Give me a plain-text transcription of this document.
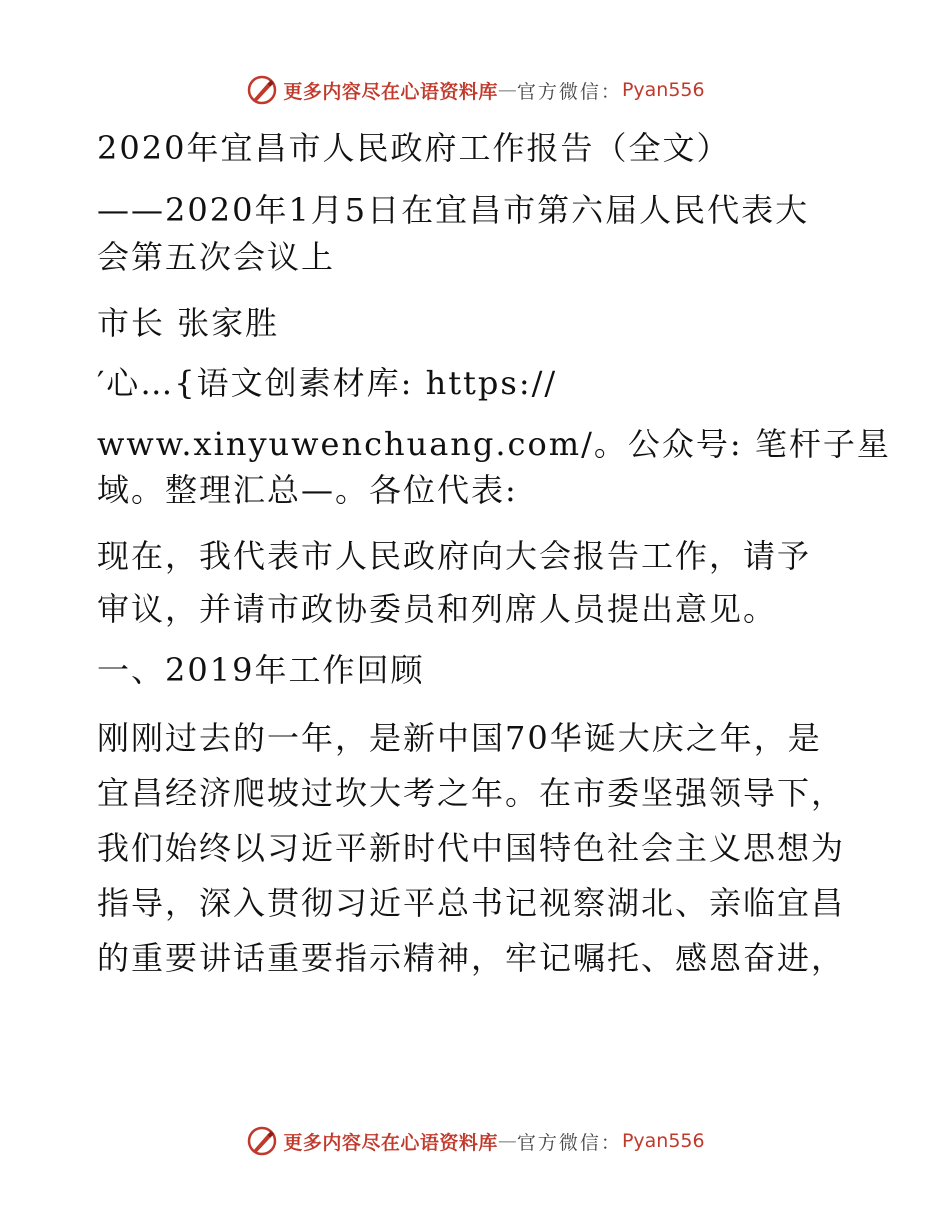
更多内容尽在心语资料库 — 官方微信： Pyan556
2020年宜昌市人民政府工作报告（全文）
——2020年1月5日在宜昌市第六届人民代表大
会第五次会议上
市长 张家胜
′心…{语文创素材库: https://
www.xinyuwenchuang.com/。公众号: 笔杆子星
域。整理汇总—。各位代表:
现在，我代表市人民政府向大会报告工作，请予
审议，并请市政协委员和列席人员提出意见。
一、2019年工作回顾
刚刚过去的一年，是新中国70华诞大庆之年，是
宜昌经济爬坡过坎大考之年。在市委坚强领导下，
我们始终以习近平新时代中国特色社会主义思想为
指导，深入贯彻习近平总书记视察湖北、亲临宜昌
的重要讲话重要指示精神，牢记嘱托、感恩奋进，
更多内容尽在心语资料库 — 官方微信： Pyan556
